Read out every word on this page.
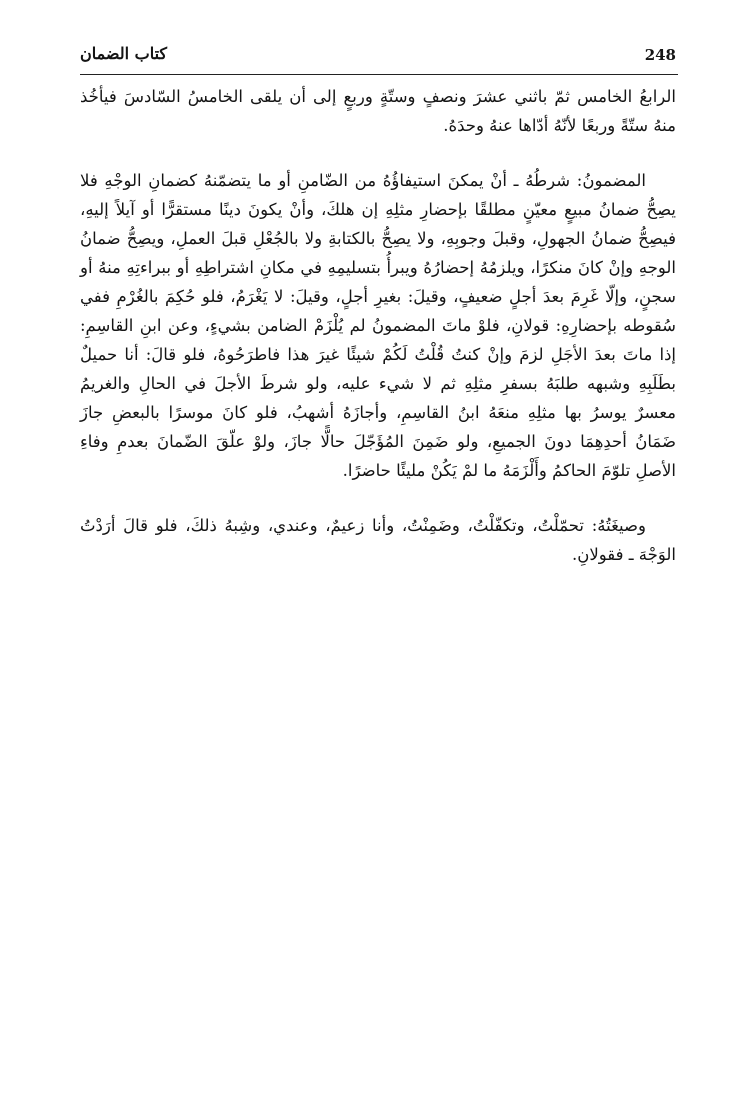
248
كتاب الضمان

الرابعُ الخامس ثمّ باثني عشرَ ونصفٍ وستّةٍ وربعٍ إلى أن يلقى الخامسُ السّادسَ فيأخُذ منهُ ستّةً وربعًا لأنّهُ أدّاها عنهُ وحدَهُ.

المضمونُ: شرطُهُ ـ أنْ يمكنَ استيفاؤُهُ من الضّامنِ أو ما يتضمّنهُ كضمانِ الوجْهِ فلا يصِحُّ ضمانُ مبيعٍ معيّنٍ مطلقًا بإحضارِ مثلِهِ إن هلكَ، وأنْ يكونَ دينًا مستقرًّا أو آيلاً إليهِ، فيصِحُّ ضمانُ الجهولِ، وقبلَ وجوبِهِ، ولا يصِحُّ بالكتابةِ ولا بالجُعْلِ قبلَ العملِ، ويصِحُّ ضمانُ الوجهِ وإنْ كانَ منكرًا، ويلزمُهُ إحضارُهُ ويبرأُ بتسليمِهِ في مكانِ اشتراطِهِ أو ببراءتِهِ منهُ أو سجنٍ، وإلّا غَرِمَ بعدَ أجلٍ ضعيفٍ، وقيلَ: بغيرِ أجلٍ، وقيلَ: لا يَغْرَمُ، فلو حُكِمَ بالغُرْمِ ففي سُقوطه بإحضارِهِ: قولانِ، فلوْ ماتَ المضمونُ لم يُلْزَمْ الضامن بشيءٍ، وعن ابنِ القاسِمِ: إذا ماتَ بعدَ الأجَلِ لزمَ وإنْ كنتُ قُلْتُ لَكُمْ شيئًا غيرَ هذا فاطرَحُوهُ، فلو قالَ: أنا حميلٌ بطَلَبِهِ وشبهه طلبَهُ بسفرِ مثلِهِ ثم لا شيء عليه، ولو شرطَ الأجلَ في الحالِ والغريمُ معسرٌ يوسرُ بها مثلِهِ منعَهُ ابنُ القاسِمِ، وأجازَهُ أشهبُ، فلو كانَ موسرًا بالبعضِ جازَ ضَمَانُ أحدِهِمَا دونَ الجميعِ، ولو ضَمِنَ المُؤَجّلَ حالًّا جازَ، ولوْ علّقَ الضّمانَ بعدمِ وفاءِ الأصلِ تلوّمَ الحاكمُ وأَلْزَمَهُ ما لمْ يَكُنْ مليئًا حاضرًا.

وصيغَتُهُ: تحمّلْتُ، وتكفّلْتُ، وضَمِنْتُ، وأنا زعيمٌ، وعندي، وشِبهُ ذلكَ، فلو قالَ أرَدْتُ الوَجْهَ ـ فقولانِ.
